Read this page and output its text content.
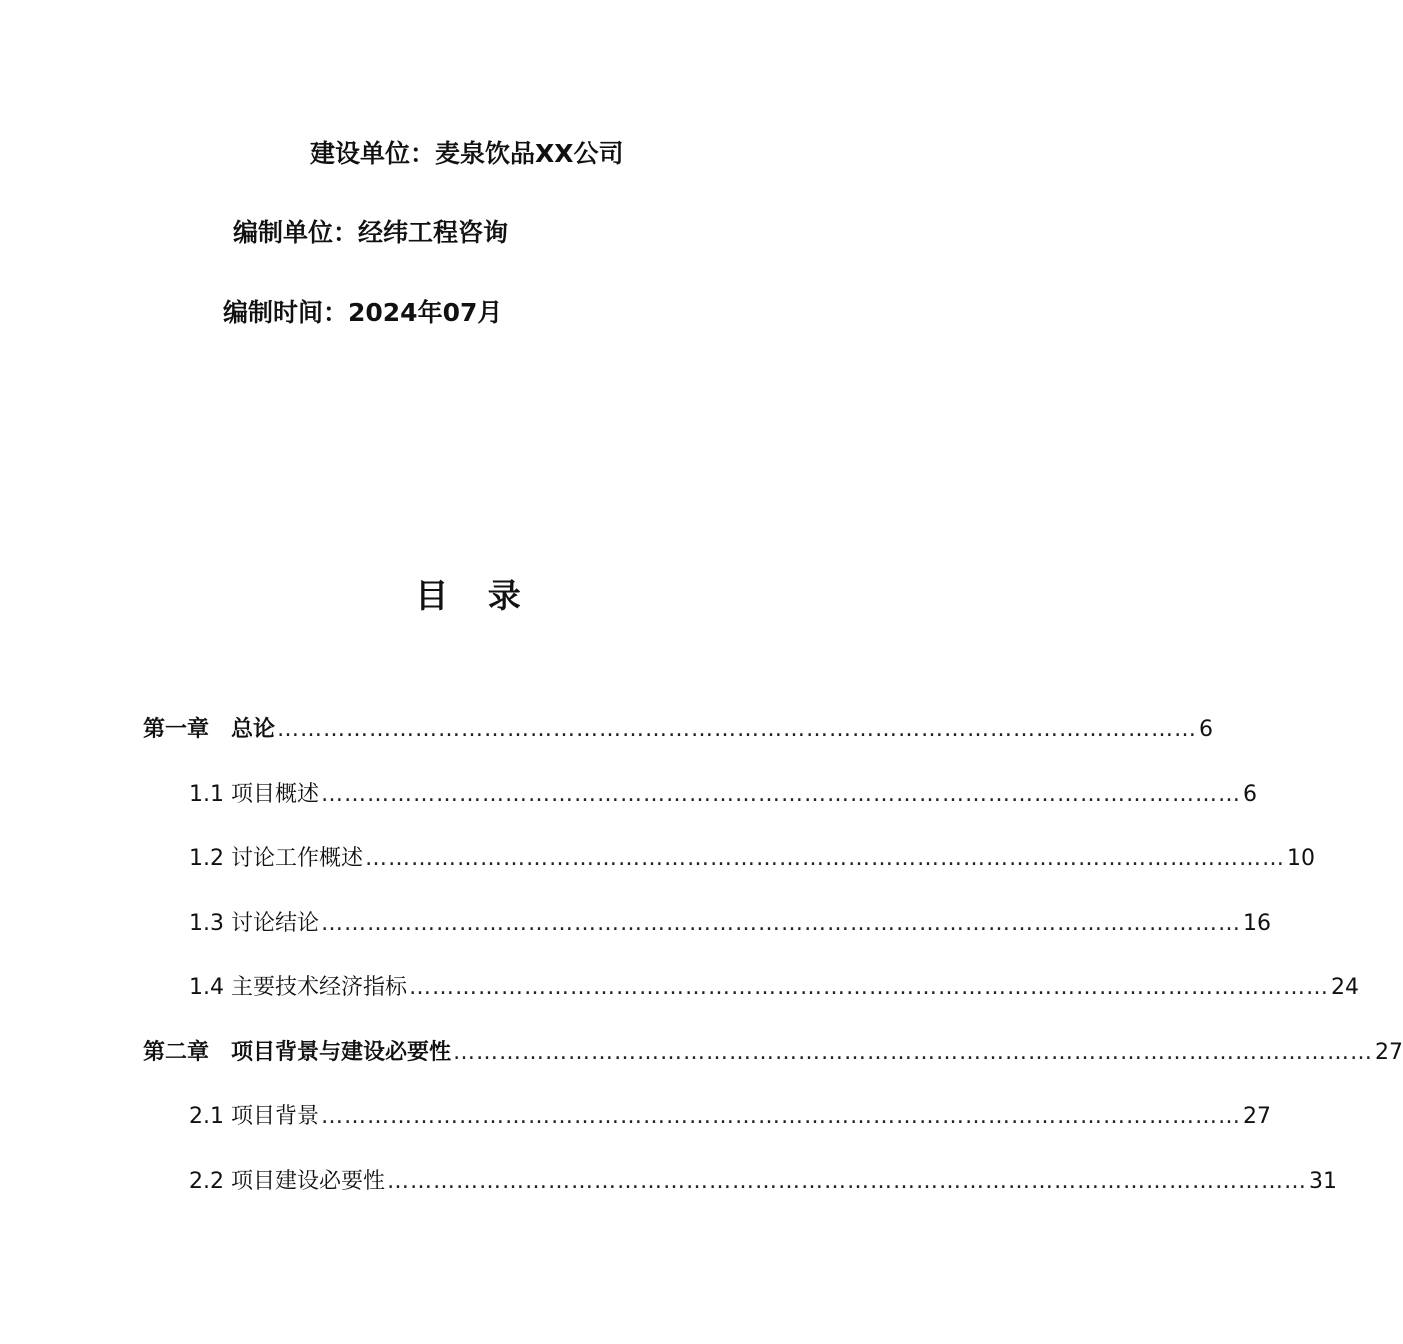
建设单位：麦泉饮品XX公司
编制单位：经纬工程咨询
编制时间：2024年07月
目 录
第一章　总论 ………………………………………………………………………………………………………… 6
1.1 项目概述 ………………………………………………………………………………………………………… 6
1.2 讨论工作概述 ………………………………………………………………………………………………………… 10
1.3 讨论结论 ………………………………………………………………………………………………………… 16
1.4 主要技术经济指标 ………………………………………………………………………………………………………… 24
第二章　项目背景与建设必要性 ………………………………………………………………………………………………………… 27
2.1 项目背景 ………………………………………………………………………………………………………… 27
2.2 项目建设必要性 ………………………………………………………………………………………………………… 31
